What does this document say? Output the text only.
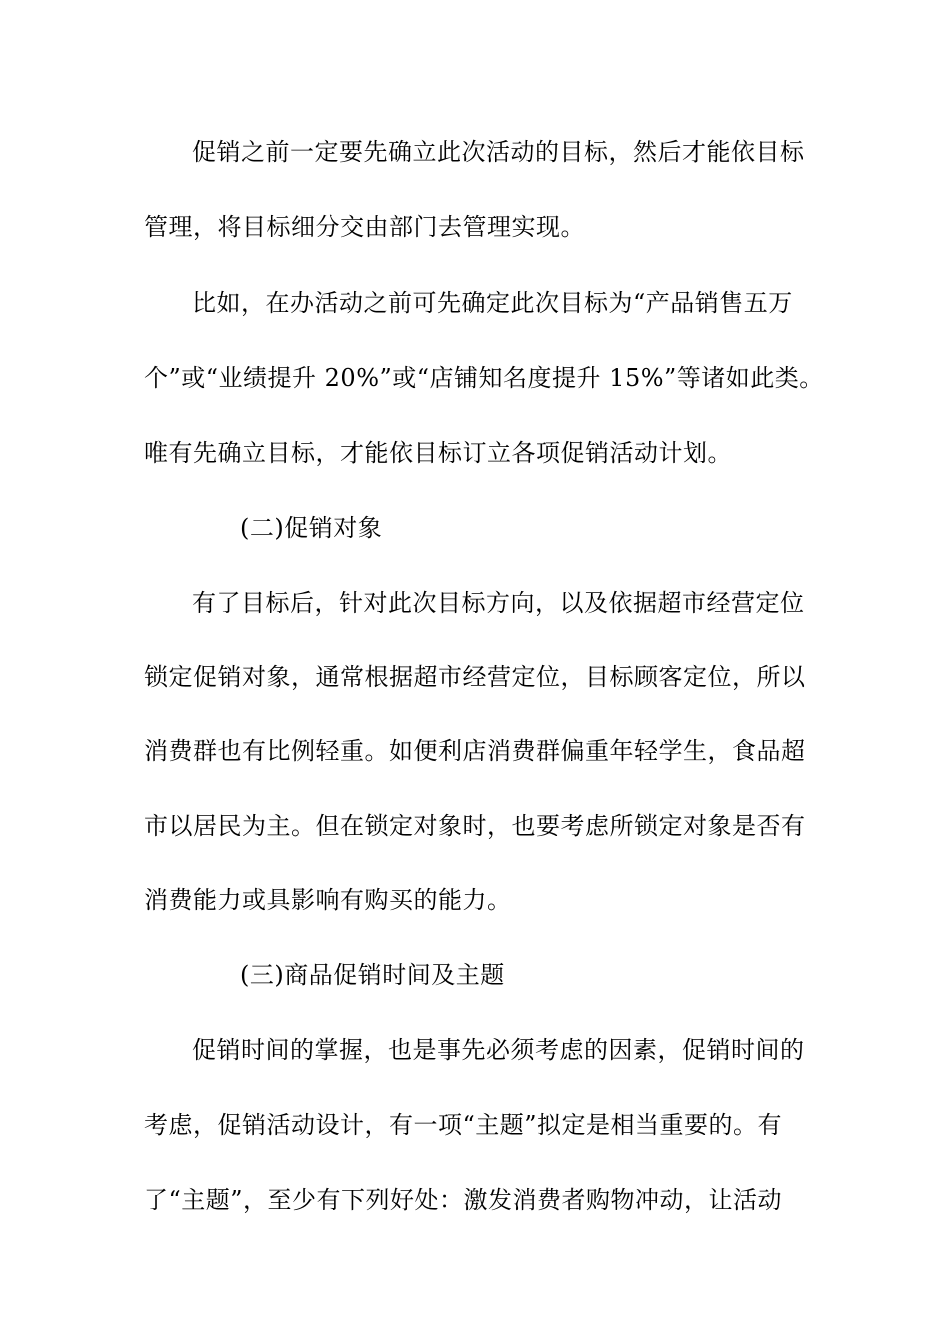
促销之前一定要先确立此次活动的目标，然后才能依目标
管理，将目标细分交由部门去管理实现。
比如，在办活动之前可先确定此次目标为“产品销售五万
个”或“业绩提升 20%”或“店铺知名度提升 15%”等诸如此类。
唯有先确立目标，才能依目标订立各项促销活动计划。
(二)促销对象
有了目标后，针对此次目标方向，以及依据超市经营定位
锁定促销对象，通常根据超市经营定位，目标顾客定位，所以
消费群也有比例轻重。如便利店消费群偏重年轻学生，食品超
市以居民为主。但在锁定对象时，也要考虑所锁定对象是否有
消费能力或具影响有购买的能力。
(三)商品促销时间及主题
促销时间的掌握，也是事先必须考虑的因素，促销时间的
考虑，促销活动设计，有一项“主题”拟定是相当重要的。有
了“主题”，至少有下列好处：激发消费者购物冲动，让活动
